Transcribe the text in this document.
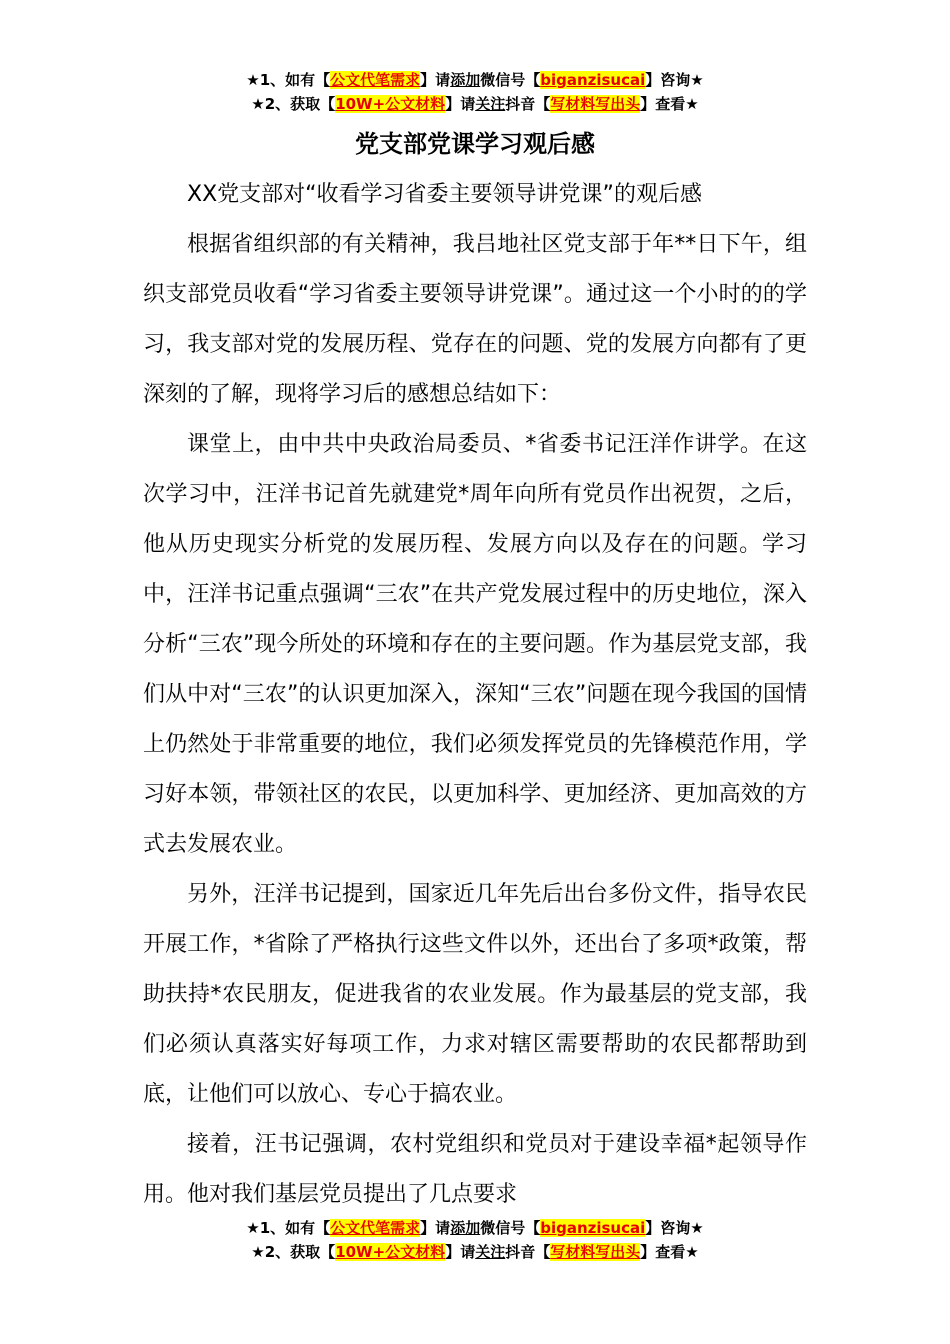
★1、如有【公文代笔需求】请添加微信号【biganzisucai】咨询★
★2、获取【10W+公文材料】请关注抖音【写材料写出头】查看★
党支部党课学习观后感

XX党支部对“收看学习省委主要领导讲党课”的观后感

根据省组织部的有关精神，我吕地社区党支部于年**日下午，组织支部党员收看“学习省委主要领导讲党课”。通过这一个小时的的学习，我支部对党的发展历程、党存在的问题、党的发展方向都有了更深刻的了解，现将学习后的感想总结如下：

课堂上，由中共中央政治局委员、*省委书记汪洋作讲学。在这次学习中，汪洋书记首先就建党*周年向所有党员作出祝贺，之后，他从历史现实分析党的发展历程、发展方向以及存在的问题。学习中，汪洋书记重点强调“三农”在共产党发展过程中的历史地位，深入分析“三农”现今所处的环境和存在的主要问题。作为基层党支部，我们从中对“三农”的认识更加深入，深知“三农”问题在现今我国的国情上仍然处于非常重要的地位，我们必须发挥党员的先锋模范作用，学习好本领，带领社区的农民，以更加科学、更加经济、更加高效的方式去发展农业。

另外，汪洋书记提到，国家近几年先后出台多份文件，指导农民开展工作，*省除了严格执行这些文件以外，还出台了多项*政策，帮助扶持*农民朋友，促进我省的农业发展。作为最基层的党支部，我们必须认真落实好每项工作，力求对辖区需要帮助的农民都帮助到底，让他们可以放心、专心于搞农业。

接着，汪书记强调，农村党组织和党员对于建设幸福*起领导作用。他对我们基层党员提出了几点要求

★1、如有【公文代笔需求】请添加微信号【biganzisucai】咨询★
★2、获取【10W+公文材料】请关注抖音【写材料写出头】查看★
